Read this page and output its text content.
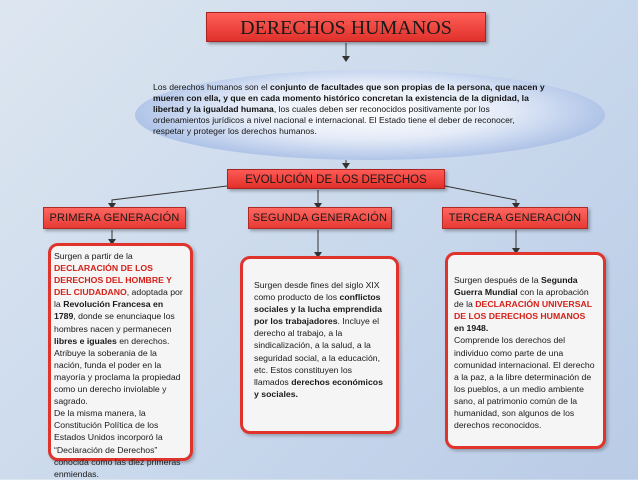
DERECHOS HUMANOS

Los derechos humanos son el conjunto de facultades que son propias de la persona, que nacen y mueren con ella, y que en cada momento histórico concretan la existencia de la dignidad, la libertad y la igualdad humana, los cuales deben ser reconocidos positivamente por los ordenamientos jurídicos a nivel nacional e internacional. El Estado tiene el deber de reconocer, respetar y proteger los derechos humanos.

EVOLUCIÓN DE LOS DERECHOS
PRIMERA GENERACIÓN	SEGUNDA GENERACIÓN	TERCERA GENERACIÓN

Surgen a partir de la DECLARACIÓN DE LOS DERECHOS DEL HOMBRE Y DEL CIUDADANO, adoptada por la Revolución Francesa en 1789, donde se enunciaque los hombres nacen y permanecen libres e iguales en derechos. Atribuye la soberania de la nación, funda el poder en la mayoría y proclama la propiedad como un derecho inviolable y sagrado.

De la misma manera, la Constitución Política de los Estados Unidos incorporó la “Declaración de Derechos” conocida como las diez primeras enmiendas.

Surgen desde fines del siglo XIX como producto de los conflictos sociales y la lucha emprendida por los trabajadores. Incluye el derecho al trabajo, a la sindicalización, a la salud, a la seguridad social, a la educación, etc. Estos constituyen los llamados derechos económicos y sociales.

Surgen después de la Segunda Guerra Mundial con la aprobación de la DECLARACIÓN UNIVERSAL DE LOS DERECHOS HUMANOS en 1948.

Comprende los derechos del individuo como parte de una comunidad internacional. El derecho a la paz, a la libre determinación de los pueblos, a un medio ambiente sano, al patrimonio común de la humanidad, son algunos de los derechos reconocidos.
